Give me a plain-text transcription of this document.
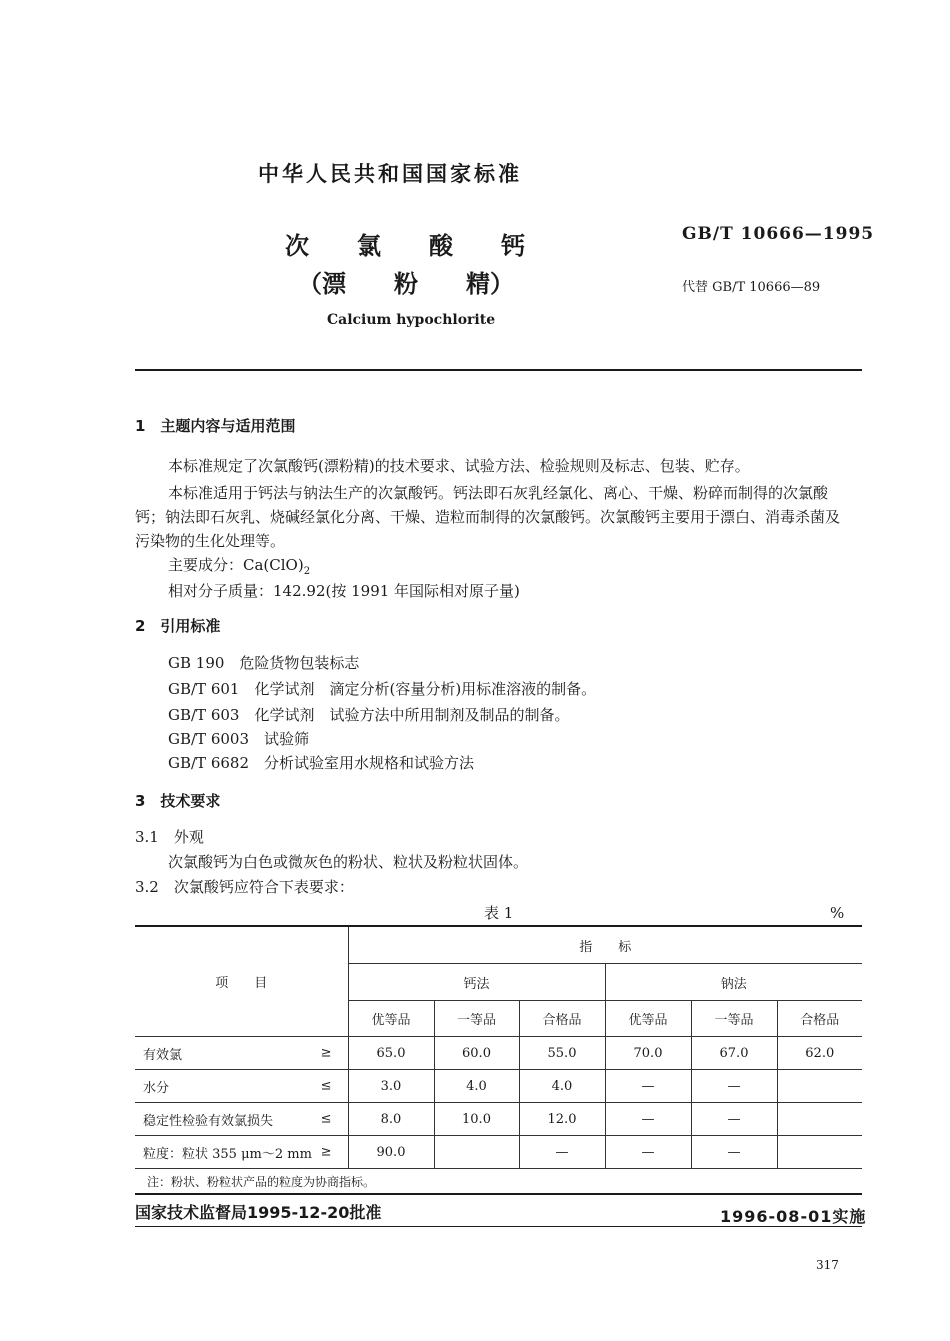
中华人民共和国国家标准
次　　氯　　酸　　钙
（漂　　粉　　精）
Calcium hypochlorite
GB/T 10666—1995
代替 GB/T 10666—89
1　主题内容与适用范围
本标准规定了次氯酸钙(漂粉精)的技术要求、试验方法、检验规则及标志、包装、贮存。
本标准适用于钙法与钠法生产的次氯酸钙。钙法即石灰乳经氯化、离心、干燥、粉碎而制得的次氯酸
钙；钠法即石灰乳、烧碱经氯化分离、干燥、造粒而制得的次氯酸钙。次氯酸钙主要用于漂白、消毒杀菌及
污染物的生化处理等。
主要成分：$Ca(ClO)_2$
相对分子质量：142.92(按 1991 年国际相对原子量)
2　引用标准
GB 190　危险货物包装标志
GB/T 601　化学试剂　滴定分析(容量分析)用标准溶液的制备。
GB/T 603　化学试剂　试验方法中所用制剂及制品的制备。
GB/T 6003　试验筛
GB/T 6682　分析试验室用水规格和试验方法
3　技术要求
3.1　外观
次氯酸钙为白色或微灰色的粉状、粒状及粉粒状固体。
3.2　次氯酸钙应符合下表要求：
表 1	%
项　　目	指　　标					
	钙法			钠法		
	优等品	一等品	合格品	优等品	一等品	合格品
有效氯 ≥	65.0	60.0	55.0	70.0	67.0	62.0
水分 ≤	3.0	4.0	4.0	—	—	
稳定性检验有效氯损失 ≤	8.0	10.0	12.0	—	—	
粒度：粒状 355 μm～2 mm ≥	90.0		—	—	—	
注：粉状、粉粒状产品的粒度为协商指标。						
国家技术监督局1995-12-20批准	1996-08-01实施
317
